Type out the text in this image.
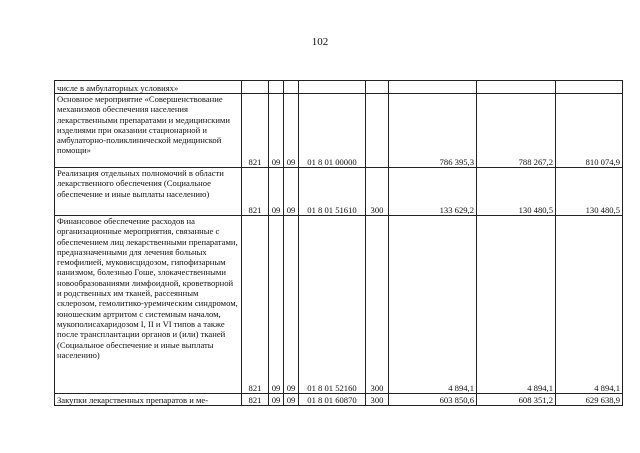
102
числе в амбулаторных условиях»								
Основное мероприятие «Совершенствование механизмов обеспечения населения лекарственными препаратами и медицинскими изделиями при оказании стационарной и амбулаторно-поликлинической медицинской помощи»	821	09	09	01 8 01 00000		786 395,3	788 267,2	810 074,9
Реализация отдельных полномочий в области лекарственного обеспечения (Социальное обеспечение и иные выплаты населению)	821	09	09	01 8 01 51610	300	133 629,2	130 480,5	130 480,5
Финансовое обеспечение расходов на организационные мероприятия, связанные с обеспечением лиц лекарственными препаратами, предназначенными для лечения больных гемофилией, муковисцидозом, гипофизарным нанизмом, болезнью Гоше, злокачественными новообразованиями лимфоидной, кроветворной и родственных им тканей, рассеянным склерозом, гемолитико-уремическим синдромом, юношеским артритом с системным началом, мукополисахаридозом I, II и VI типов а также после трансплантации органов и (или) тканей (Социальное обеспечение и иные выплаты населению)	821	09	09	01 8 01 52160	300	4 894,1	4 894,1	4 894,1
Закупки лекарственных препаратов и ме-	821	09	09	01 8 01 60870	300	603 850,6	608 351,2	629 638,9
